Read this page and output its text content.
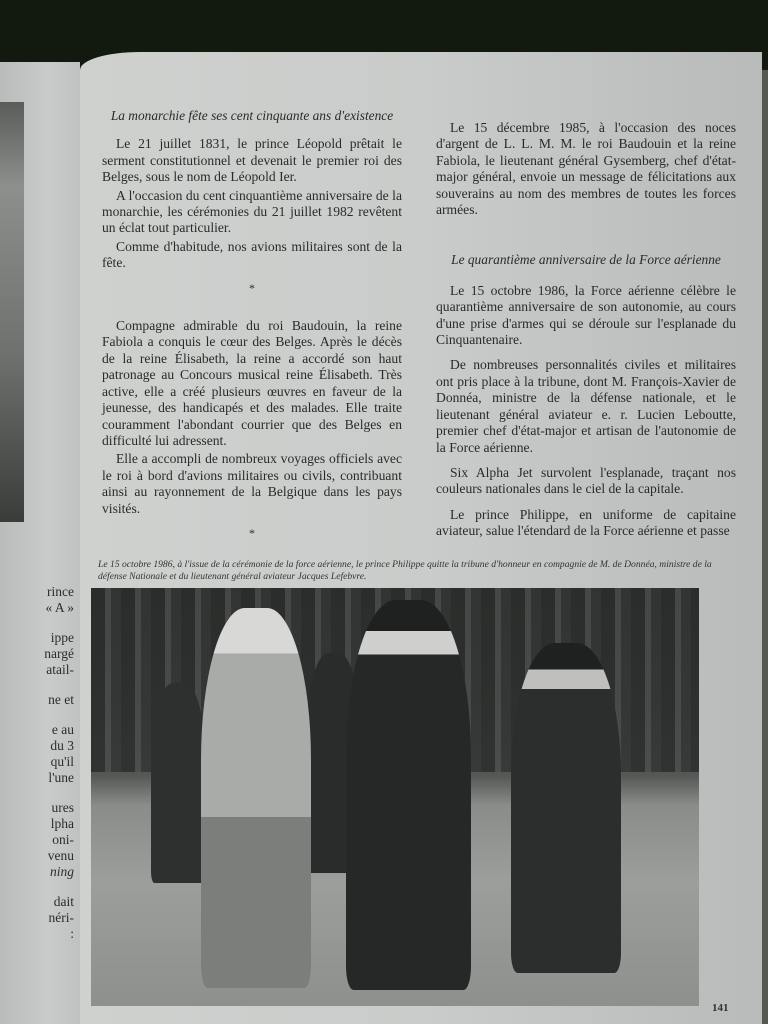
rince
« A »
ippe
nargé
atail-
ne et
e au
du 3
qu'il
l'une
ures
lpha
oni-
venu
ning
dait
néri-
:
La monarchie fête ses cent cinquante ans d'existence

Le 21 juillet 1831, le prince Léopold prêtait le serment constitutionnel et devenait le premier roi des Belges, sous le nom de Léopold Ier.

A l'occasion du cent cinquantième anniversaire de la monarchie, les cérémonies du 21 juillet 1982 revêtent un éclat tout particulier.

Comme d'habitude, nos avions militaires sont de la fête.

*

Compagne admirable du roi Baudouin, la reine Fabiola a conquis le cœur des Belges. Après le décès de la reine Élisabeth, la reine a accordé son haut patronage au Concours musical reine Élisabeth. Très active, elle a créé plusieurs œuvres en faveur de la jeunesse, des handicapés et des malades. Elle traite couramment l'abondant courrier que des Belges en difficulté lui adressent.

Elle a accompli de nombreux voyages officiels avec le roi à bord d'avions militaires ou civils, contribuant ainsi au rayonnement de la Belgique dans les pays visités.

*

Le 15 décembre 1985, à l'occasion des noces d'argent de L. L. M. M. le roi Baudouin et la reine Fabiola, le lieutenant général Gysemberg, chef d'état-major général, envoie un message de félicitations aux souverains au nom des membres de toutes les forces armées.

Le quarantième anniversaire de la Force aérienne

Le 15 octobre 1986, la Force aérienne célèbre le quarantième anniversaire de son autonomie, au cours d'une prise d'armes qui se déroule sur l'esplanade du Cinquantenaire.

De nombreuses personnalités civiles et militaires ont pris place à la tribune, dont M. François-Xavier de Donnéa, ministre de la défense nationale, et le lieutenant général aviateur e. r. Lucien Leboutte, premier chef d'état-major et artisan de l'autonomie de la Force aérienne.

Six Alpha Jet survolent l'esplanade, traçant nos couleurs nationales dans le ciel de la capitale.

Le prince Philippe, en uniforme de capitaine aviateur, salue l'étendard de la Force aérienne et passe

Le 15 octobre 1986, à l'issue de la cérémonie de la force aérienne, le prince Philippe quitte la tribune d'honneur en compagnie de M. de Donnéa, ministre de la défense Nationale et du lieutenant général aviateur Jacques Lefebvre.
141
